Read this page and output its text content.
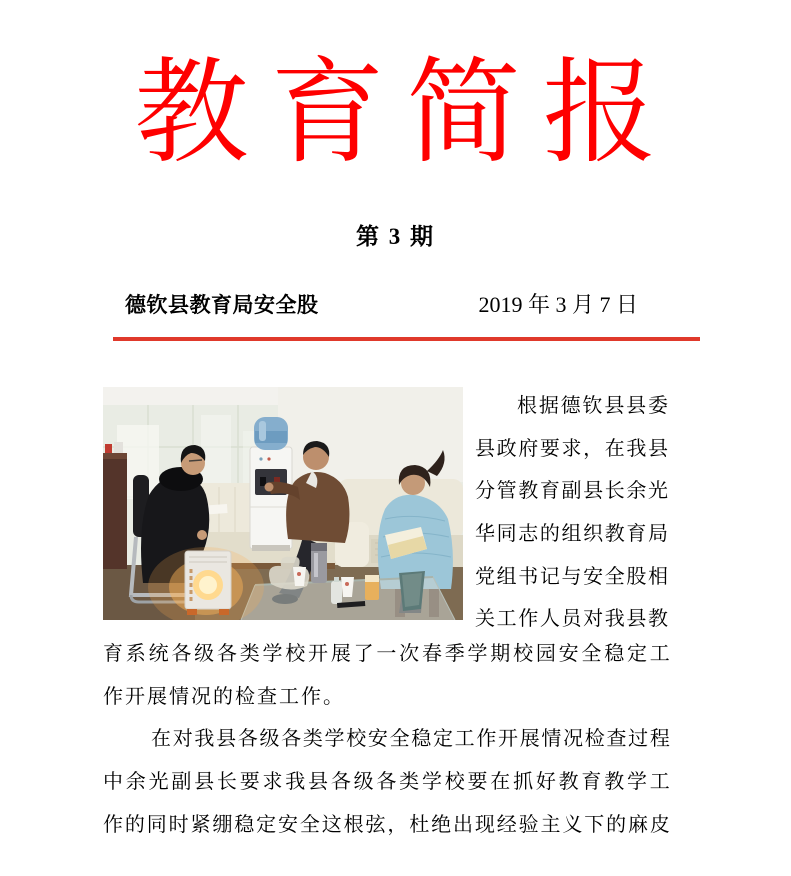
教育简报
第 3 期
德钦县教育局安全股	2019 年 3 月 7 日
根 据 德 钦 县 县 委
县 政 府 要 求 ， 在 我 县
分 管 教 育 副 县 长 余 光
华 同 志 的 组 织 教 育 局
党 组 书 记 与 安 全 股 相
关 工 作 人 员 对 我 县 教
育 系 统 各 级 各 类 学 校 开 展 了 一 次 春 季 学 期 校 园 安 全 稳 定 工
作开展情况的检查工作。
在 对 我 县 各 级 各 类 学 校 安 全 稳 定 工 作 开 展 情 况 检 查 过 程
中 余 光 副 县 长 要 求 我 县 各 级 各 类 学 校 要 在 抓 好 教 育 教 学 工
作 的 同 时 紧 绷 稳 定 安 全 这 根 弦 ， 杜 绝 出 现 经 验 主 义 下 的 麻 皮
